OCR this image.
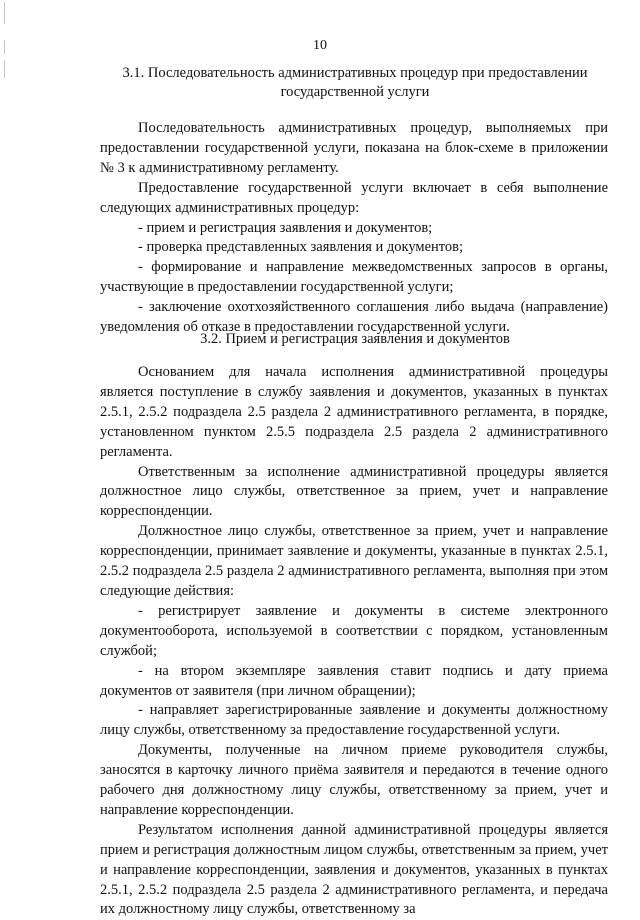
10
3.1. Последовательность административных процедур при предоставлении
государственной услуги

Последовательность административных процедур, выполняемых при предоставлении государственной услуги, показана на блок-схеме в приложении № 3 к административному регламенту.

Предоставление государственной услуги включает в себя выполнение следующих административных процедур:

- прием и регистрация заявления и документов;

- проверка представленных заявления и документов;

- формирование и направление межведомственных запросов в органы, участвующие в предоставлении государственной услуги;

- заключение охотхозяйственного соглашения либо выдача (направление) уведомления об отказе в предоставлении государственной услуги.

3.2. Прием и регистрация заявления и документов

Основанием для начала исполнения административной процедуры является поступление в службу заявления и документов, указанных в пунктах 2.5.1, 2.5.2 подраздела 2.5 раздела 2 административного регламента, в порядке, установленном пунктом 2.5.5 подраздела 2.5 раздела 2 административного регламента.

Ответственным за исполнение административной процедуры является должностное лицо службы, ответственное за прием, учет и направление корреспонденции.

Должностное лицо службы, ответственное за прием, учет и направление корреспонденции, принимает заявление и документы, указанные в пунктах 2.5.1, 2.5.2 подраздела 2.5 раздела 2 административного регламента, выполняя при этом следующие действия:

- регистрирует заявление и документы в системе электронного документооборота, используемой в соответствии с порядком, установленным службой;

- на втором экземпляре заявления ставит подпись и дату приема документов от заявителя (при личном обращении);

- направляет зарегистрированные заявление и документы должностному лицу службы, ответственному за предоставление государственной услуги.

Документы, полученные на личном приеме руководителя службы, заносятся в карточку личного приёма заявителя и передаются в течение одного рабочего дня должностному лицу службы, ответственному за прием, учет и направление корреспонденции.

Результатом исполнения данной административной процедуры является прием и регистрация должностным лицом службы, ответственным за прием, учет и направление корреспонденции, заявления и документов, указанных в пунктах 2.5.1, 2.5.2 подраздела 2.5 раздела 2 административного регламента, и передача их должностному лицу службы, ответственному за
